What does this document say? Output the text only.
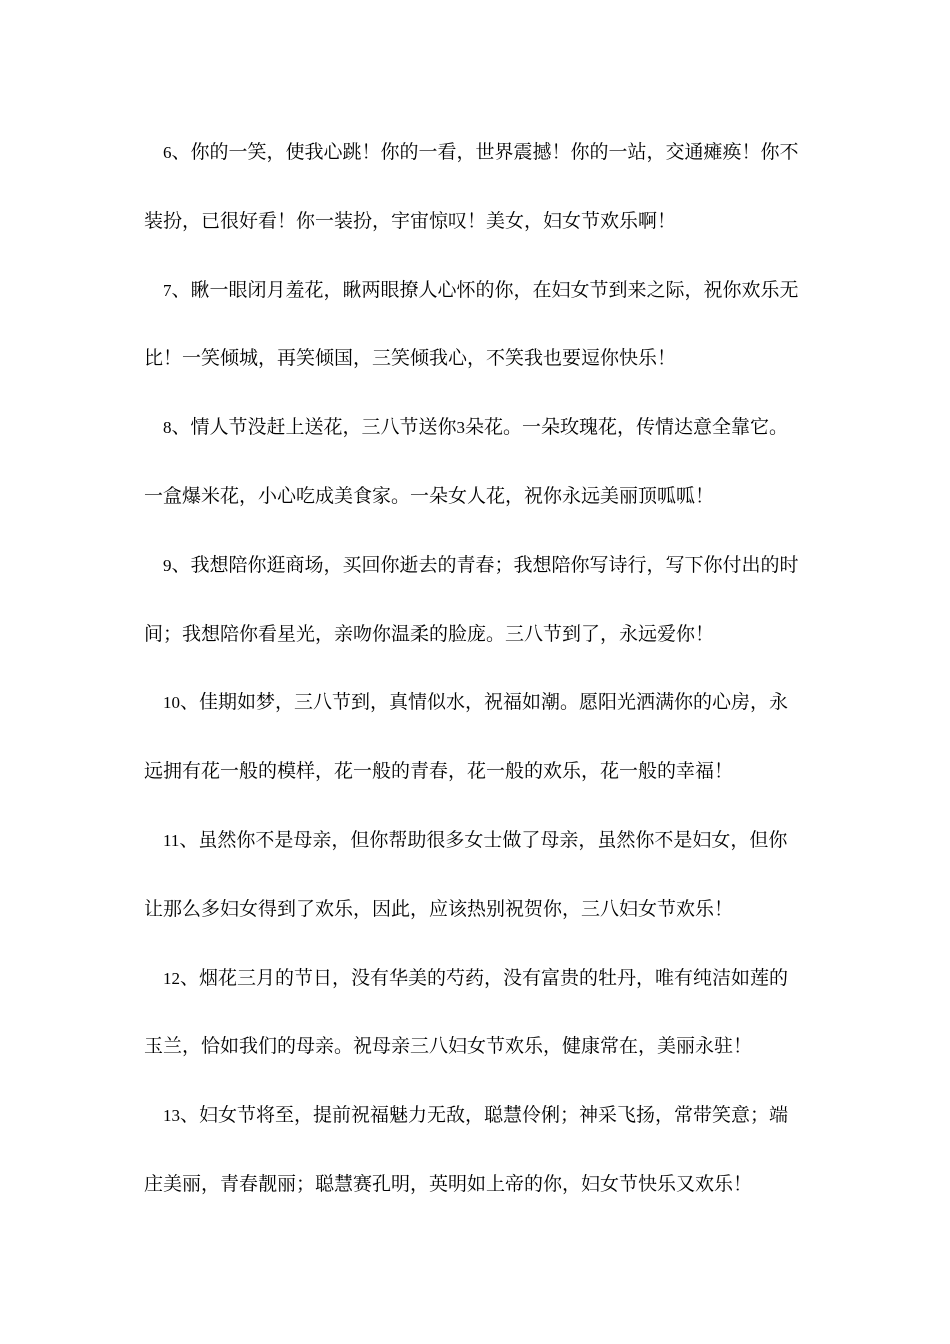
6、你的一笑，使我心跳！你的一看，世界震撼！你的一站，交通瘫痪！你不
装扮，已很好看！你一装扮，宇宙惊叹！美女，妇女节欢乐啊！
7、瞅一眼闭月羞花，瞅两眼撩人心怀的你，在妇女节到来之际，祝你欢乐无
比！一笑倾城，再笑倾国，三笑倾我心，不笑我也要逗你快乐！
8、情人节没赶上送花，三八节送你3朵花。一朵玫瑰花，传情达意全靠它。
一盒爆米花，小心吃成美食家。一朵女人花，祝你永远美丽顶呱呱！
9、我想陪你逛商场，买回你逝去的青春；我想陪你写诗行，写下你付出的时
间；我想陪你看星光，亲吻你温柔的脸庞。三八节到了，永远爱你！
10、佳期如梦，三八节到，真情似水，祝福如潮。愿阳光洒满你的心房，永
远拥有花一般的模样，花一般的青春，花一般的欢乐，花一般的幸福！
11、虽然你不是母亲，但你帮助很多女士做了母亲，虽然你不是妇女，但你
让那么多妇女得到了欢乐，因此，应该热别祝贺你，三八妇女节欢乐！
12、烟花三月的节日，没有华美的芍药，没有富贵的牡丹，唯有纯洁如莲的
玉兰，恰如我们的母亲。祝母亲三八妇女节欢乐，健康常在，美丽永驻！
13、妇女节将至，提前祝福魅力无敌，聪慧伶俐；神采飞扬，常带笑意；端
庄美丽，青春靓丽；聪慧赛孔明，英明如上帝的你，妇女节快乐又欢乐！
